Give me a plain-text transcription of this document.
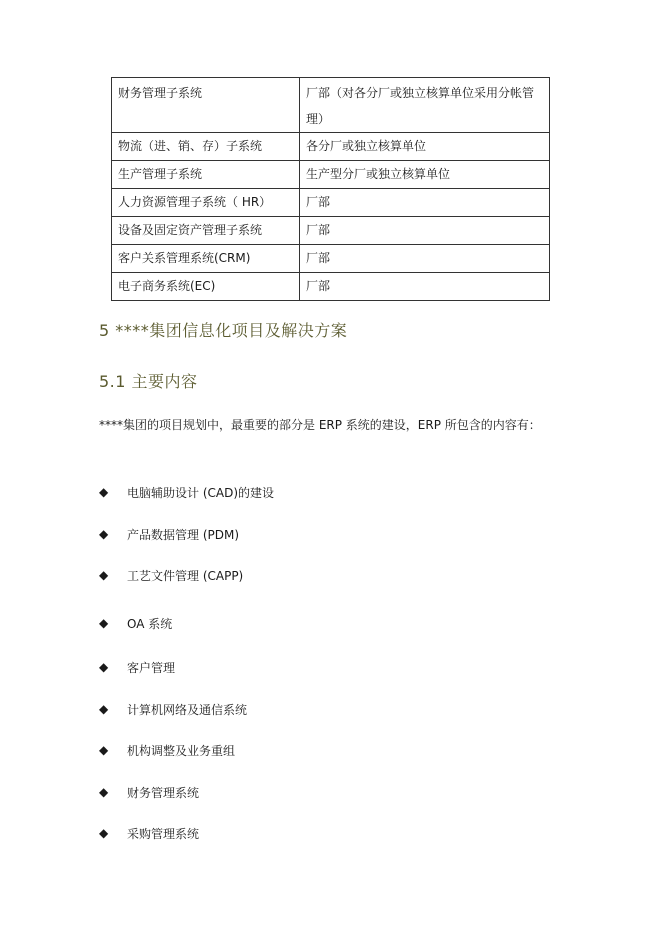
财务管理子系统	厂部（对各分厂或独立核算单位采用分帐管理）
物流（进、销、存）子系统	各分厂或独立核算单位
生产管理子系统	生产型分厂或独立核算单位
人力资源管理子系统（ HR）	厂部
设备及固定资产管理子系统	厂部
客户关系管理系统(CRM)	厂部
电子商务系统(EC)	厂部
5 ****集团信息化项目及解决方案
5.1 主要内容

****集团的项目规划中，最重要的部分是 ERP 系统的建设，ERP 所包含的内容有：

◆	电脑辅助设计 (CAD)的建设
◆	产品数据管理 (PDM)
◆	工艺文件管理 (CAPP)
◆	OA 系统
◆	客户管理
◆	计算机网络及通信系统
◆	机构调整及业务重组
◆	财务管理系统
◆	采购管理系统
